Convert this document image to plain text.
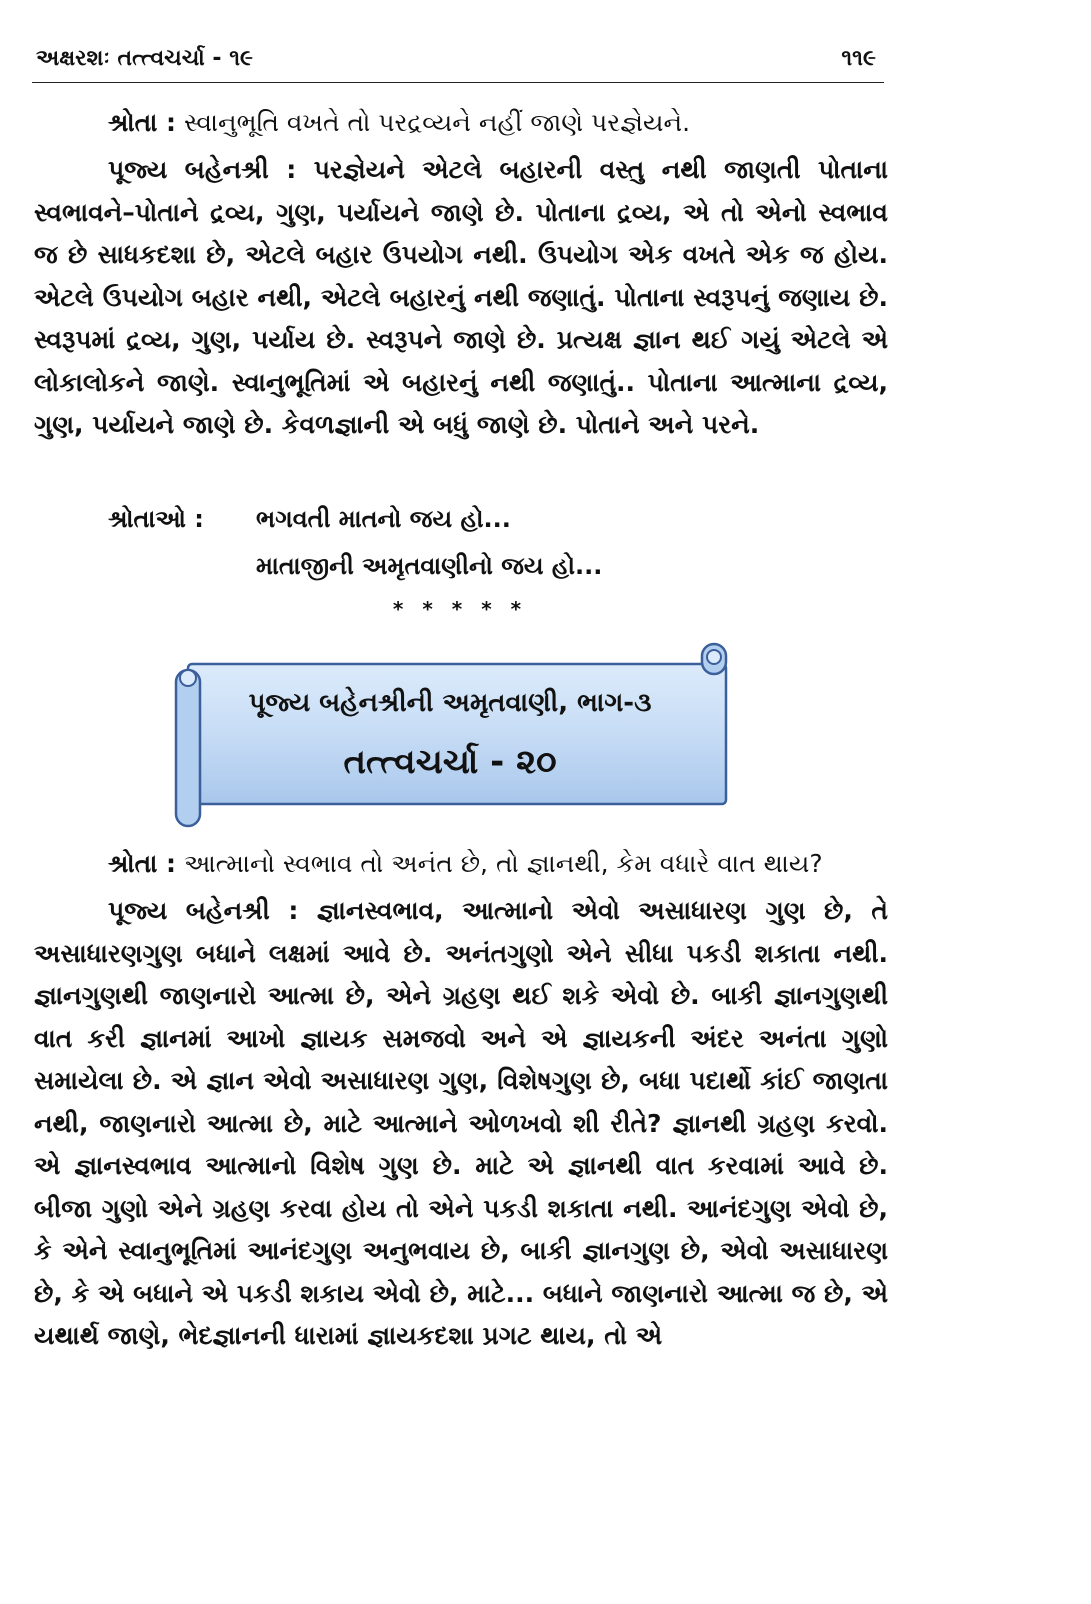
અક્ષરશઃ તત્ત્વચર્ચા - ૧૯	૧૧૯
શ્રોતા : સ્વાનુભૂતિ વખતે તો પરદ્રવ્યને નહીં જાણે પરજ્ઞેયને.
પૂજ્ય બહેનશ્રી : પરજ્ઞેયને એટલે બહારની વસ્તુ નથી જાણતી પોતાના સ્વભાવને–પોતાને દ્રવ્ય, ગુણ, પર્યાયને જાણે છે. પોતાના દ્રવ્ય, એ તો એનો સ્વભાવ જ છે સાધકદશા છે, એટલે બહાર ઉપયોગ નથી. ઉપયોગ એક વખતે એક જ હોય. એટલે ઉપયોગ બહાર નથી, એટલે બહારનું નથી જણાતું. પોતાના સ્વરૂપનું જણાય છે. સ્વરૂપમાં દ્રવ્ય, ગુણ, પર્યાય છે. સ્વરૂપને જાણે છે. પ્રત્યક્ષ જ્ઞાન થઈ ગયું એટલે એ લોકાલોકને જાણે. સ્વાનુભૂતિમાં એ બહારનું નથી જણાતું.. પોતાના આત્માના દ્રવ્ય, ગુણ, પર્યાયને જાણે છે. કેવળજ્ઞાની એ બધું જાણે છે. પોતાને અને પરને.
શ્રોતાઓ : ભગવતી માતનો જય હો...
માતાજીની અમૃતવાણીનો જય હો...
* * * * *
પૂજ્ય બહેનશ્રીની અમૃતવાણી, ભાગ-૩
તત્ત્વચર્ચા - ૨૦
શ્રોતા : આત્માનો સ્વભાવ તો અનંત છે, તો જ્ઞાનથી, કેમ વધારે વાત થાય?
પૂજ્ય બહેનશ્રી : જ્ઞાનસ્વભાવ, આત્માનો એવો અસાધારણ ગુણ છે, તે અસાધારણગુણ બધાને લક્ષમાં આવે છે. અનંતગુણો એને સીધા પકડી શકાતા નથી. જ્ઞાનગુણથી જાણનારો આત્મા છે, એને ગ્રહણ થઈ શકે એવો છે. બાકી જ્ઞાનગુણથી વાત કરી જ્ઞાનમાં આખો જ્ઞાયક સમજવો અને એ જ્ઞાયકની અંદર અનંતા ગુણો સમાયેલા છે. એ જ્ઞાન એવો અસાધારણ ગુણ, વિશેષગુણ છે, બધા પદાર્થો કાંઈ જાણતા નથી, જાણનારો આત્મા છે, માટે આત્માને ઓળખવો શી રીતે? જ્ઞાનથી ગ્રહણ કરવો. એ જ્ઞાનસ્વભાવ આત્માનો વિશેષ ગુણ છે. માટે એ જ્ઞાનથી વાત કરવામાં આવે છે. બીજા ગુણો એને ગ્રહણ કરવા હોય તો એને પકડી શકાતા નથી. આનંદગુણ એવો છે, કે એને સ્વાનુભૂતિમાં આનંદગુણ અનુભવાય છે, બાકી જ્ઞાનગુણ છે, એવો અસાધારણ છે, કે એ બધાને એ પકડી શકાય એવો છે, માટે... બધાને જાણનારો આત્મા જ છે, એ યથાર્થ જાણે, ભેદજ્ઞાનની ધારામાં જ્ઞાયકદશા પ્રગટ થાય, તો એ
